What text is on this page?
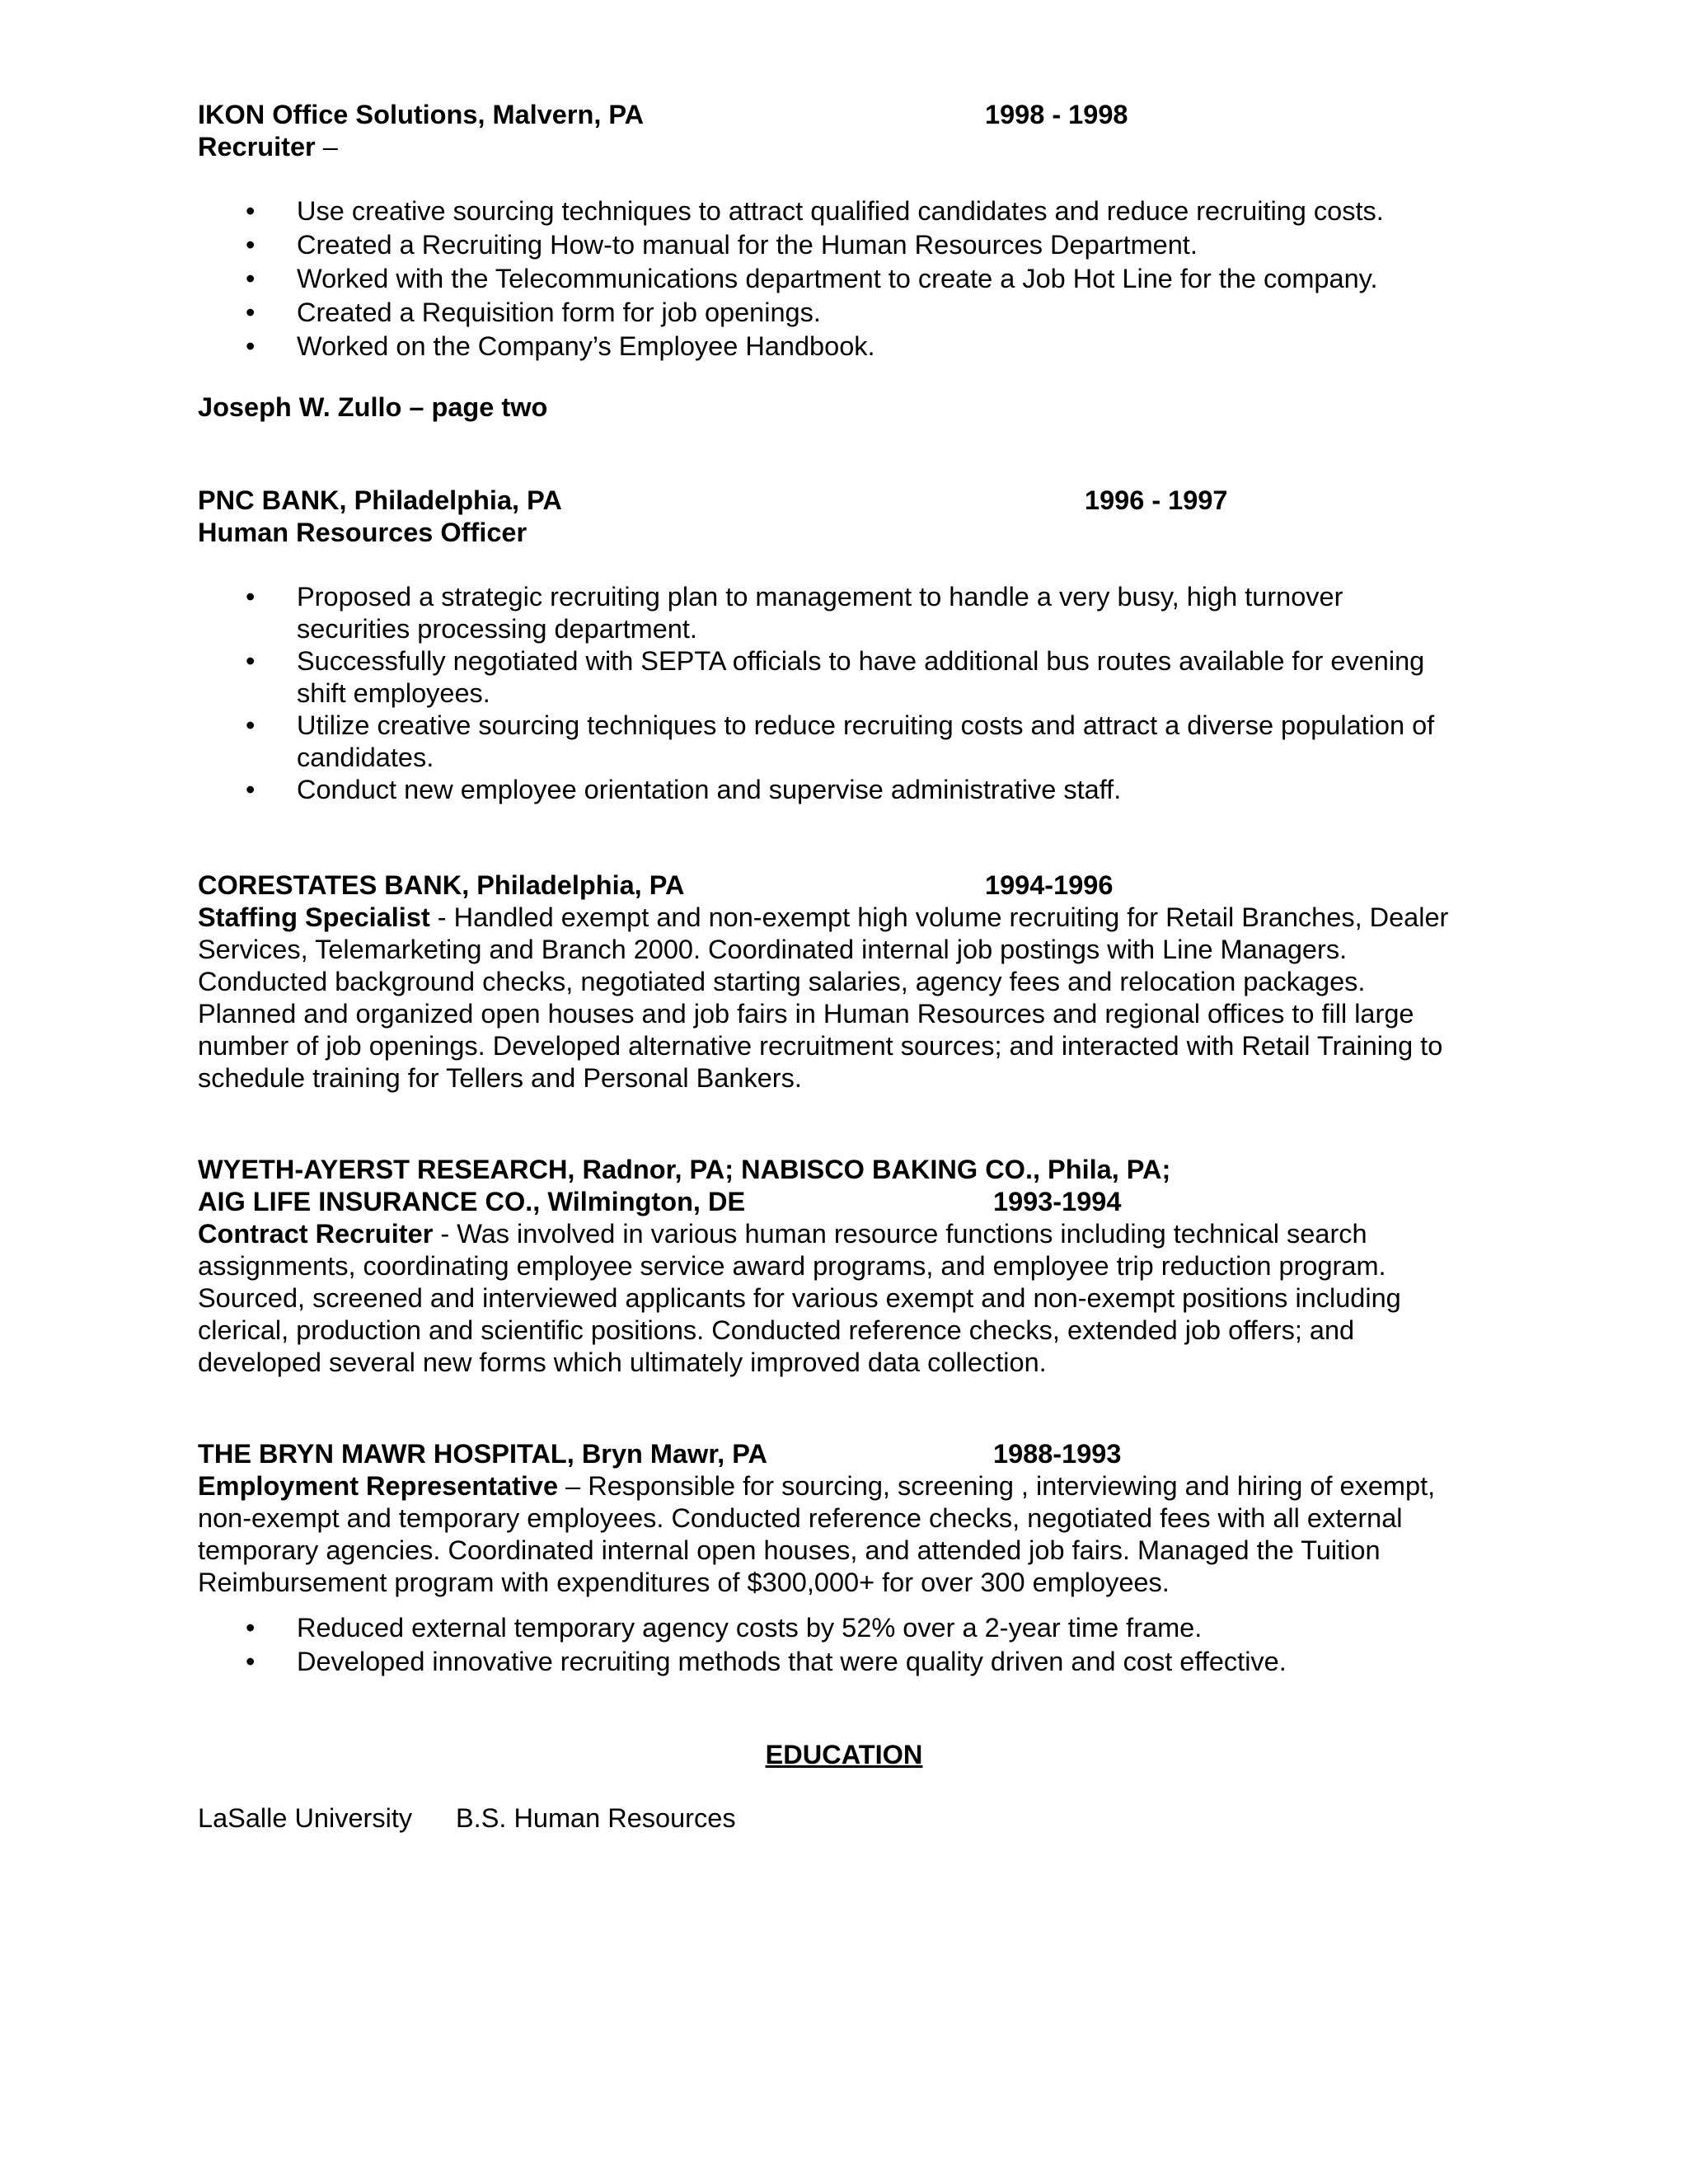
IKON Office Solutions, Malvern, PA	1998 - 1998
Recruiter –
• Use creative sourcing techniques to attract qualified candidates and reduce recruiting costs.
• Created a Recruiting How-to manual for the Human Resources Department.
• Worked with the Telecommunications department to create a Job Hot Line for the company.
• Created a Requisition form for job openings.
• Worked on the Company’s Employee Handbook.
Joseph W. Zullo – page two
PNC BANK, Philadelphia, PA	1996 - 1997
Human Resources Officer
• Proposed a strategic recruiting plan to management to handle a very busy, high turnover
securities processing department.
• Successfully negotiated with SEPTA officials to have additional bus routes available for evening
shift employees.
• Utilize creative sourcing techniques to reduce recruiting costs and attract a diverse population of
candidates.
• Conduct new employee orientation and supervise administrative staff.
CORESTATES BANK, Philadelphia, PA	1994-1996
Staffing Specialist - Handled exempt and non-exempt high volume recruiting for Retail Branches, Dealer
Services, Telemarketing and Branch 2000. Coordinated internal job postings with Line Managers.
Conducted background checks, negotiated starting salaries, agency fees and relocation packages.
Planned and organized open houses and job fairs in Human Resources and regional offices to fill large
number of job openings. Developed alternative recruitment sources; and interacted with Retail Training to
schedule training for Tellers and Personal Bankers.
WYETH-AYERST RESEARCH, Radnor, PA; NABISCO BAKING CO., Phila, PA;
AIG LIFE INSURANCE CO., Wilmington, DE	1993-1994
Contract Recruiter - Was involved in various human resource functions including technical search
assignments, coordinating employee service award programs, and employee trip reduction program.
Sourced, screened and interviewed applicants for various exempt and non-exempt positions including
clerical, production and scientific positions. Conducted reference checks, extended job offers; and
developed several new forms which ultimately improved data collection.
THE BRYN MAWR HOSPITAL, Bryn Mawr, PA	1988-1993
Employment Representative – Responsible for sourcing, screening , interviewing and hiring of exempt,
non-exempt and temporary employees. Conducted reference checks, negotiated fees with all external
temporary agencies. Coordinated internal open houses, and attended job fairs. Managed the Tuition
Reimbursement program with expenditures of $300,000+ for over 300 employees.
• Reduced external temporary agency costs by 52% over a 2-year time frame.
• Developed innovative recruiting methods that were quality driven and cost effective.
EDUCATION
LaSalle University B.S. Human Resources
